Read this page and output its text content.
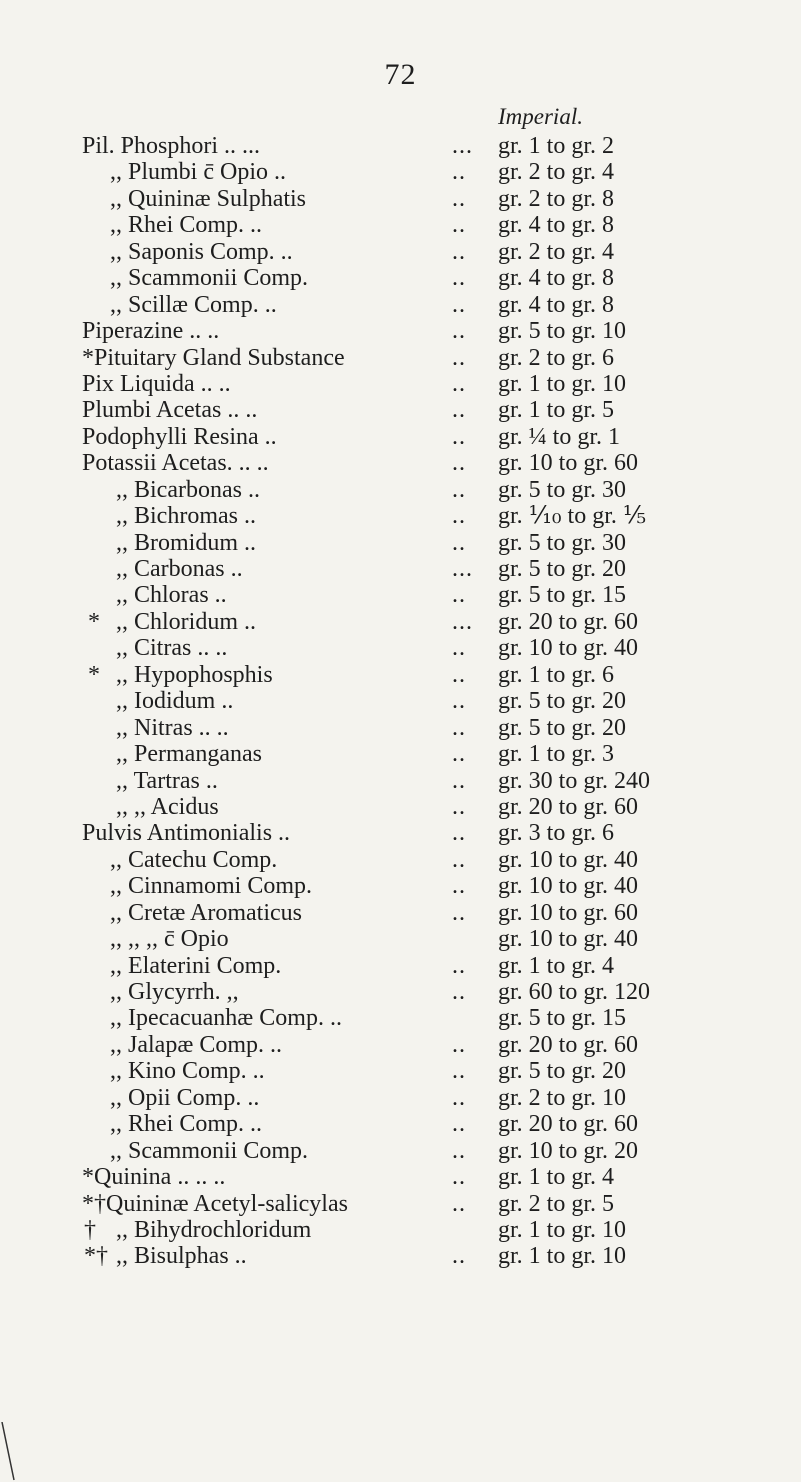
72
Imperial.
Pil. Phosphori .. ...	... gr. 1 to gr. 2
,, Plumbi c̄ Opio ..	.. gr. 2 to gr. 4
,, Quininæ Sulphatis	.. gr. 2 to gr. 8
,, Rhei Comp. ..	.. gr. 4 to gr. 8
,, Saponis Comp. ..	.. gr. 2 to gr. 4
,, Scammonii Comp.	.. gr. 4 to gr. 8
,, Scillæ Comp. ..	.. gr. 4 to gr. 8
Piperazine .. ..	.. gr. 5 to gr. 10
*Pituitary Gland Substance	.. gr. 2 to gr. 6
Pix Liquida .. ..	.. gr. 1 to gr. 10
Plumbi Acetas .. ..	.. gr. 1 to gr. 5
Podophylli Resina ..	.. gr. ¼ to gr. 1
Potassii Acetas. .. ..	.. gr. 10 to gr. 60
,, Bicarbonas ..	.. gr. 5 to gr. 30
,, Bichromas ..	.. gr. ⅒ to gr. ⅕
,, Bromidum ..	.. gr. 5 to gr. 30
,, Carbonas ..	... gr. 5 to gr. 20
,, Chloras ..	.. gr. 5 to gr. 15
* ,, Chloridum ..	... gr. 20 to gr. 60
,, Citras .. ..	.. gr. 10 to gr. 40
* ,, Hypophosphis	.. gr. 1 to gr. 6
,, Iodidum ..	.. gr. 5 to gr. 20
,, Nitras .. ..	.. gr. 5 to gr. 20
,, Permanganas	.. gr. 1 to gr. 3
,, Tartras ..	.. gr. 30 to gr. 240
,, ,, Acidus	.. gr. 20 to gr. 60
Pulvis Antimonialis ..	.. gr. 3 to gr. 6
,, Catechu Comp.	.. gr. 10 to gr. 40
,, Cinnamomi Comp.	.. gr. 10 to gr. 40
,, Cretæ Aromaticus	.. gr. 10 to gr. 60
,, ,, ,, c̄ Opio	gr. 10 to gr. 40
,, Elaterini Comp.	.. gr. 1 to gr. 4
,, Glycyrrh. ,,	.. gr. 60 to gr. 120
,, Ipecacuanhæ Comp. ..	gr. 5 to gr. 15
,, Jalapæ Comp. ..	.. gr. 20 to gr. 60
,, Kino Comp. ..	.. gr. 5 to gr. 20
,, Opii Comp. ..	.. gr. 2 to gr. 10
,, Rhei Comp. ..	.. gr. 20 to gr. 60
,, Scammonii Comp.	.. gr. 10 to gr. 20
*Quinina .. .. ..	.. gr. 1 to gr. 4
*†Quininæ Acetyl-salicylas	.. gr. 2 to gr. 5
† ,, Bihydrochloridum	gr. 1 to gr. 10
*† ,, Bisulphas ..	.. gr. 1 to gr. 10
